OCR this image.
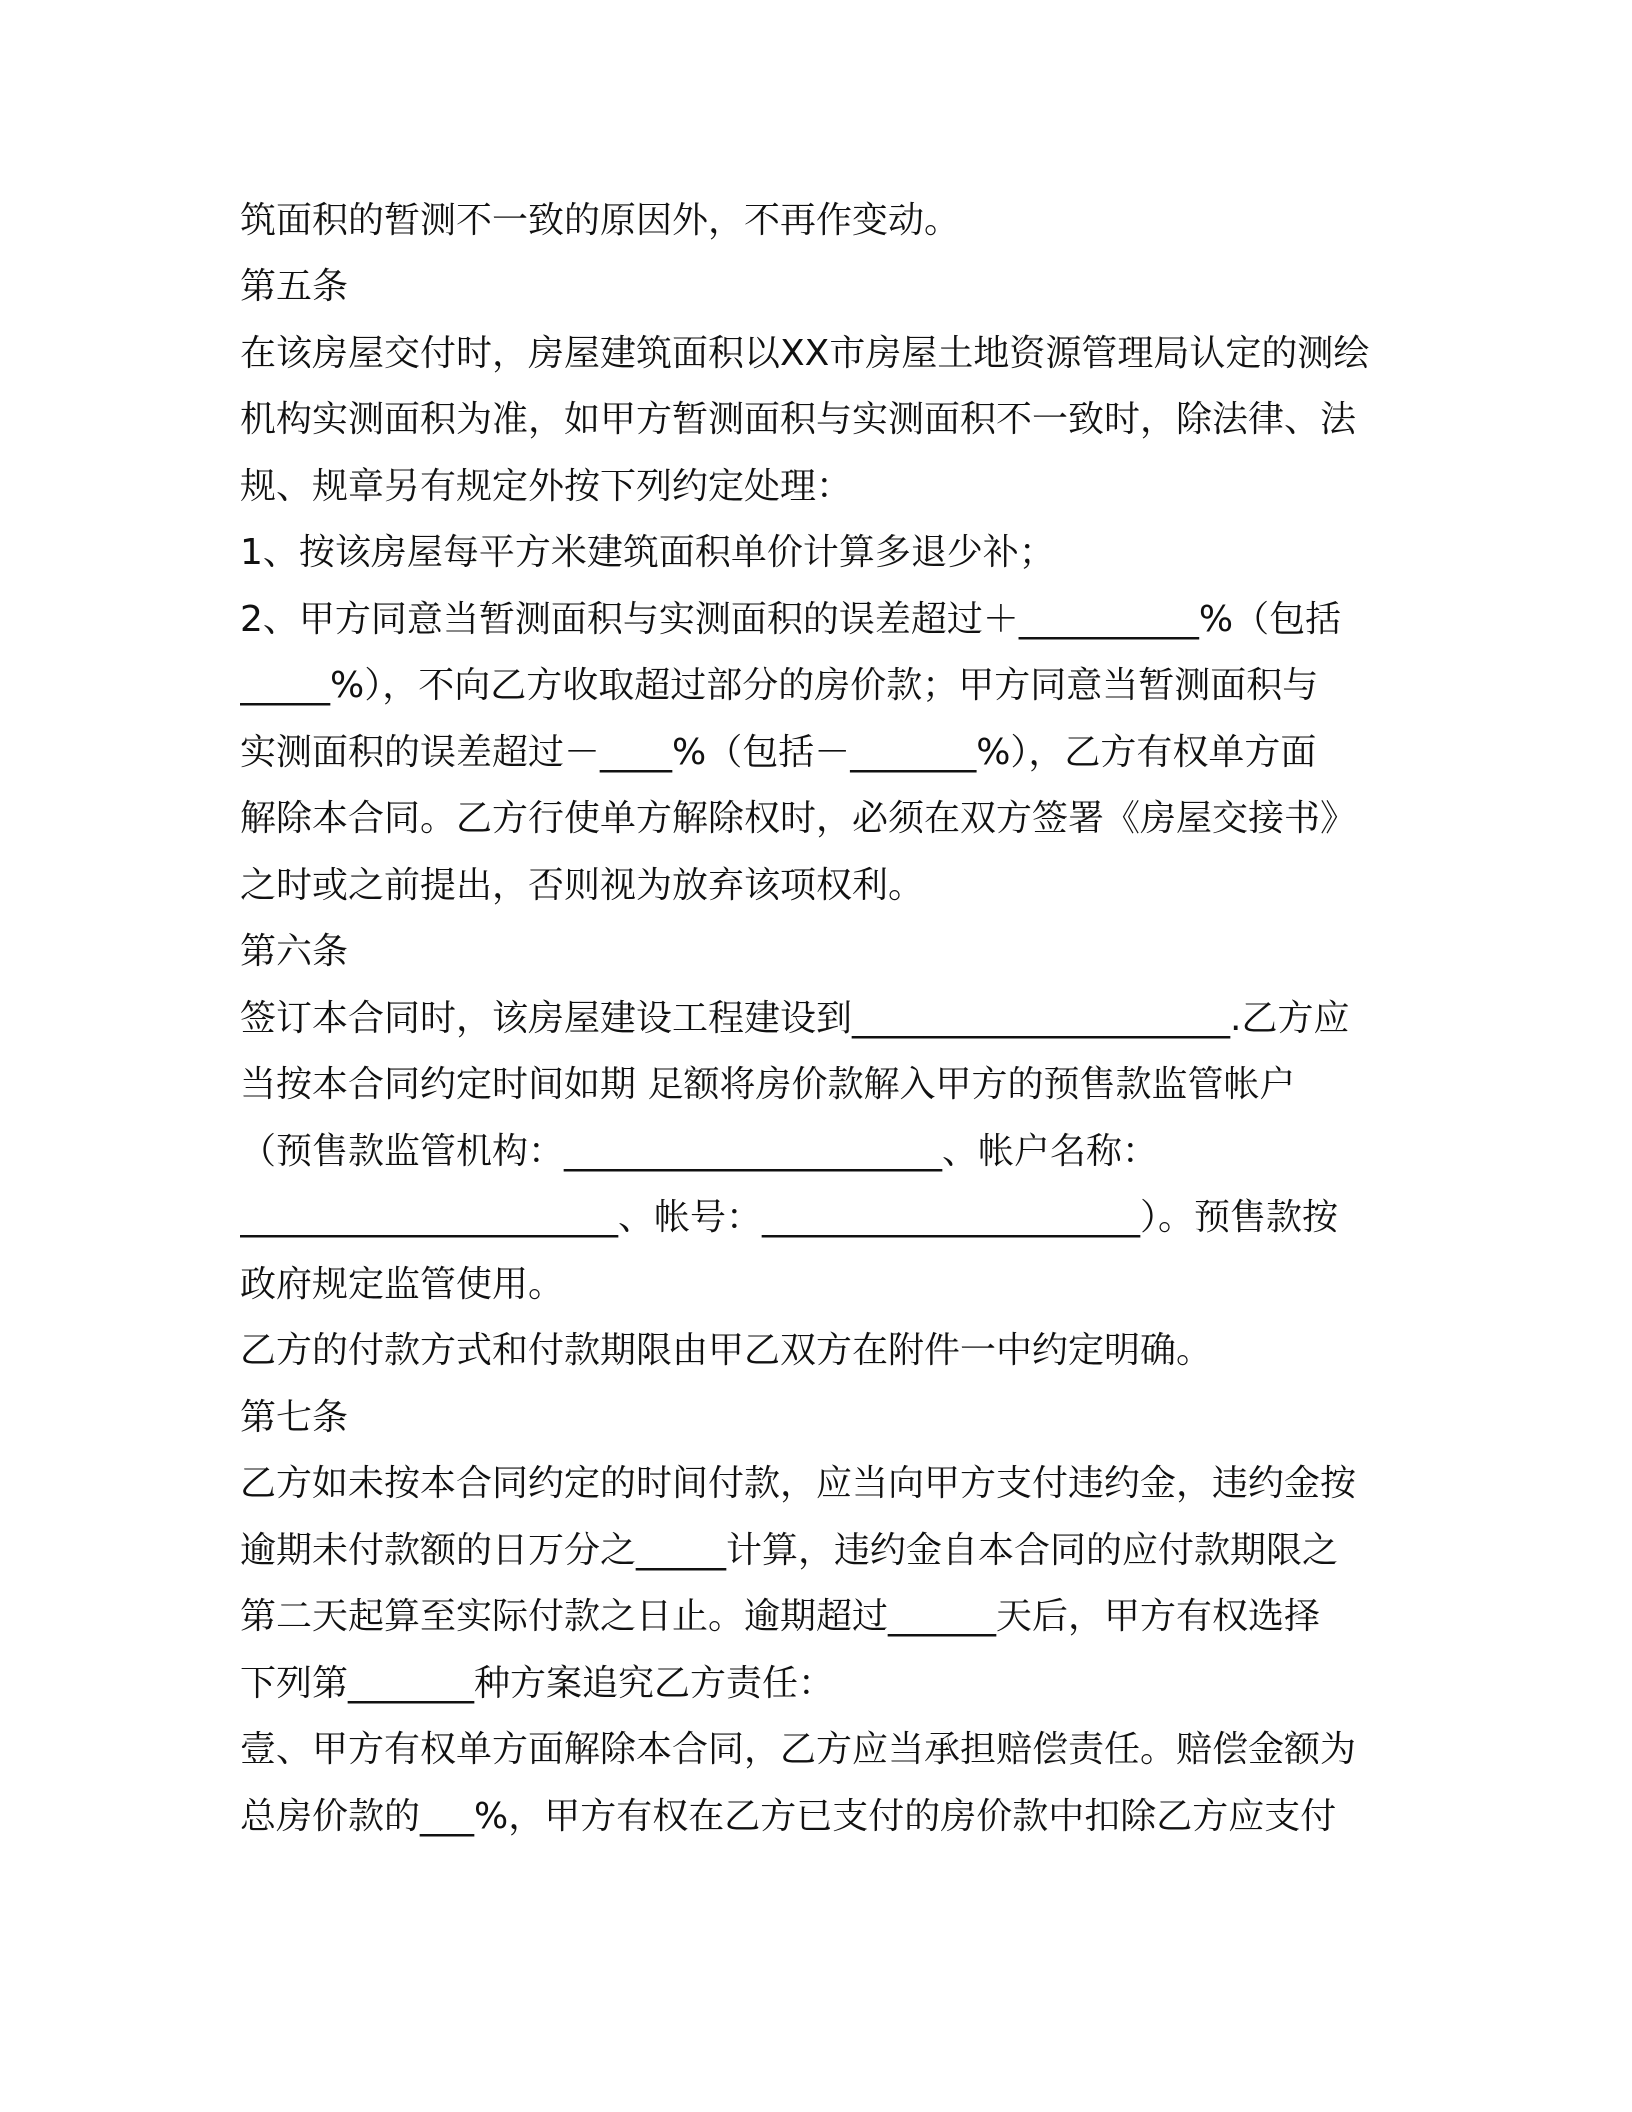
筑面积的暂测不一致的原因外，不再作变动。
第五条
在该房屋交付时，房屋建筑面积以XX市房屋土地资源管理局认定的测绘
机构实测面积为准，如甲方暂测面积与实测面积不一致时，除法律、法
规、规章另有规定外按下列约定处理：
1、按该房屋每平方米建筑面积单价计算多退少补；
2、甲方同意当暂测面积与实测面积的误差超过＋__________%（包括
_____%），不向乙方收取超过部分的房价款；甲方同意当暂测面积与
实测面积的误差超过－____%（包括－_______%），乙方有权单方面
解除本合同。乙方行使单方解除权时，必须在双方签署《房屋交接书》
之时或之前提出，否则视为放弃该项权利。
第六条
签订本合同时，该房屋建设工程建设到_____________________.乙方应
当按本合同约定时间如期 足额将房价款解入甲方的预售款监管帐户
（预售款监管机构：_____________________、帐户名称：
_____________________、帐号：_____________________）。预售款按
政府规定监管使用。
乙方的付款方式和付款期限由甲乙双方在附件一中约定明确。
第七条
乙方如未按本合同约定的时间付款，应当向甲方支付违约金，违约金按
逾期未付款额的日万分之_____计算，违约金自本合同的应付款期限之
第二天起算至实际付款之日止。逾期超过______天后，甲方有权选择
下列第_______种方案追究乙方责任：
壹、甲方有权单方面解除本合同，乙方应当承担赔偿责任。赔偿金额为
总房价款的___%，甲方有权在乙方已支付的房价款中扣除乙方应支付
